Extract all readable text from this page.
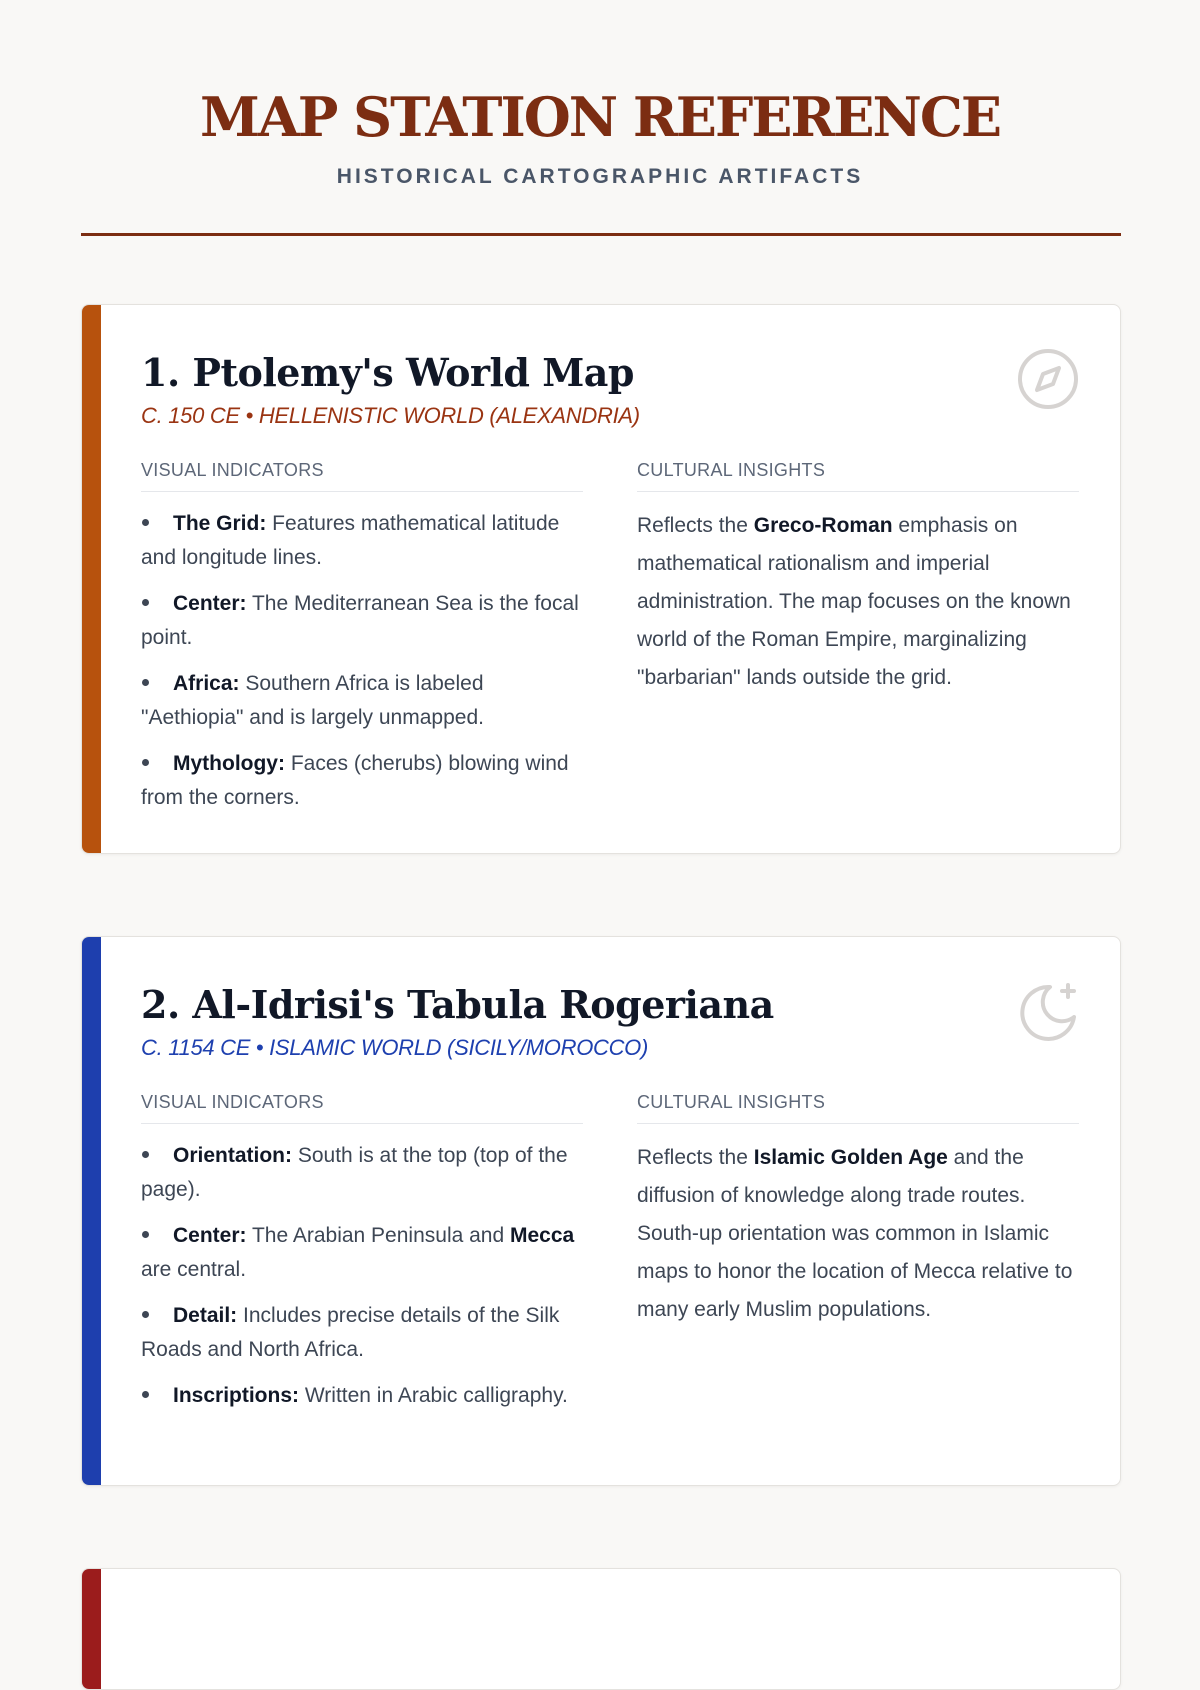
MAP STATION REFERENCE
HISTORICAL CARTOGRAPHIC ARTIFACTS
1. Ptolemy's World Map
C. 150 CE • HELLENISTIC WORLD (ALEXANDRIA)
VISUAL INDICATORS	CULTURAL INSIGHTS
The Grid: Features mathematical latitude and longitude lines.
Center: The Mediterranean Sea is the focal point.
Africa: Southern Africa is labeled "Aethiopia" and is largely unmapped.
Mythology: Faces (cherubs) blowing wind from the corners.

Reflects the Greco-Roman emphasis on mathematical rationalism and imperial administration. The map focuses on the known world of the Roman Empire, marginalizing "barbarian" lands outside the grid.

2. Al-Idrisi's Tabula Rogeriana
C. 1154 CE • ISLAMIC WORLD (SICILY/MOROCCO)
VISUAL INDICATORS	CULTURAL INSIGHTS
Orientation: South is at the top (top of the page).
Center: The Arabian Peninsula and Mecca are central.
Detail: Includes precise details of the Silk Roads and North Africa.
Inscriptions: Written in Arabic calligraphy.

Reflects the Islamic Golden Age and the diffusion of knowledge along trade routes. South-up orientation was common in Islamic maps to honor the location of Mecca relative to many early Muslim populations.
